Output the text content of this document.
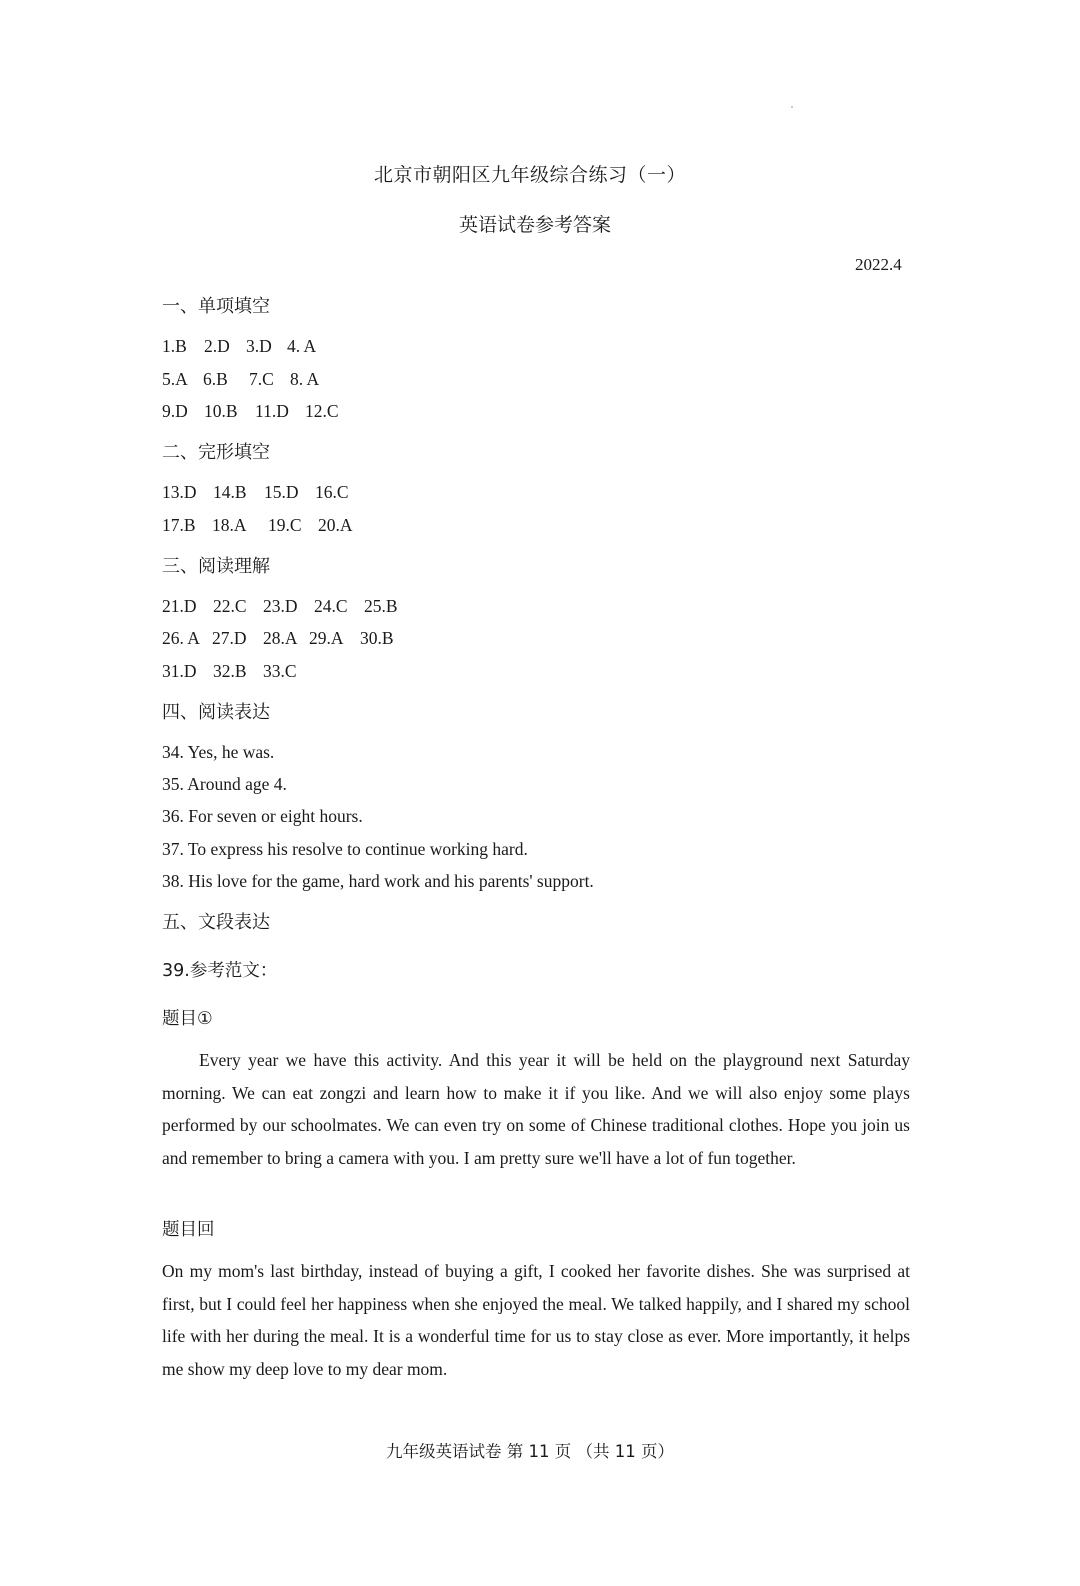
北京市朝阳区九年级综合练习（一）
英语试卷参考答案
2022.4
一、单项填空
1.B 2.D 3.D 4. A
5.A 6.B 7.C 8. A
9.D 10.B 11.D 12.C
二、完形填空
13.D 14.B 15.D 16.C
17.B 18.A 19.C 20.A
三、阅读理解
21.D 22.C 23.D 24.C 25.B
26. A 27.D 28.A 29.A 30.B
31.D 32.B 33.C
四、阅读表达
34. Yes, he was.
35. Around age 4.
36. For seven or eight hours.
37. To express his resolve to continue working hard.
38. His love for the game, hard work and his parents' support.
五、文段表达
39.参考范文：
题目①
Every year we have this activity. And this year it will be held on the playground next Saturday morning. We can eat zongzi and learn how to make it if you like. And we will also enjoy some plays performed by our schoolmates. We can even try on some of Chinese traditional clothes. Hope you join us and remember to bring a camera with you. I am pretty sure we'll have a lot of fun together.
题目回
On my mom's last birthday, instead of buying a gift, I cooked her favorite dishes. She was surprised at first, but I could feel her happiness when she enjoyed the meal. We talked happily, and I shared my school life with her during the meal. It is a wonderful time for us to stay close as ever. More importantly, it helps me show my deep love to my dear mom.
九年级英语试卷 第 11 页 （共 11 页）
